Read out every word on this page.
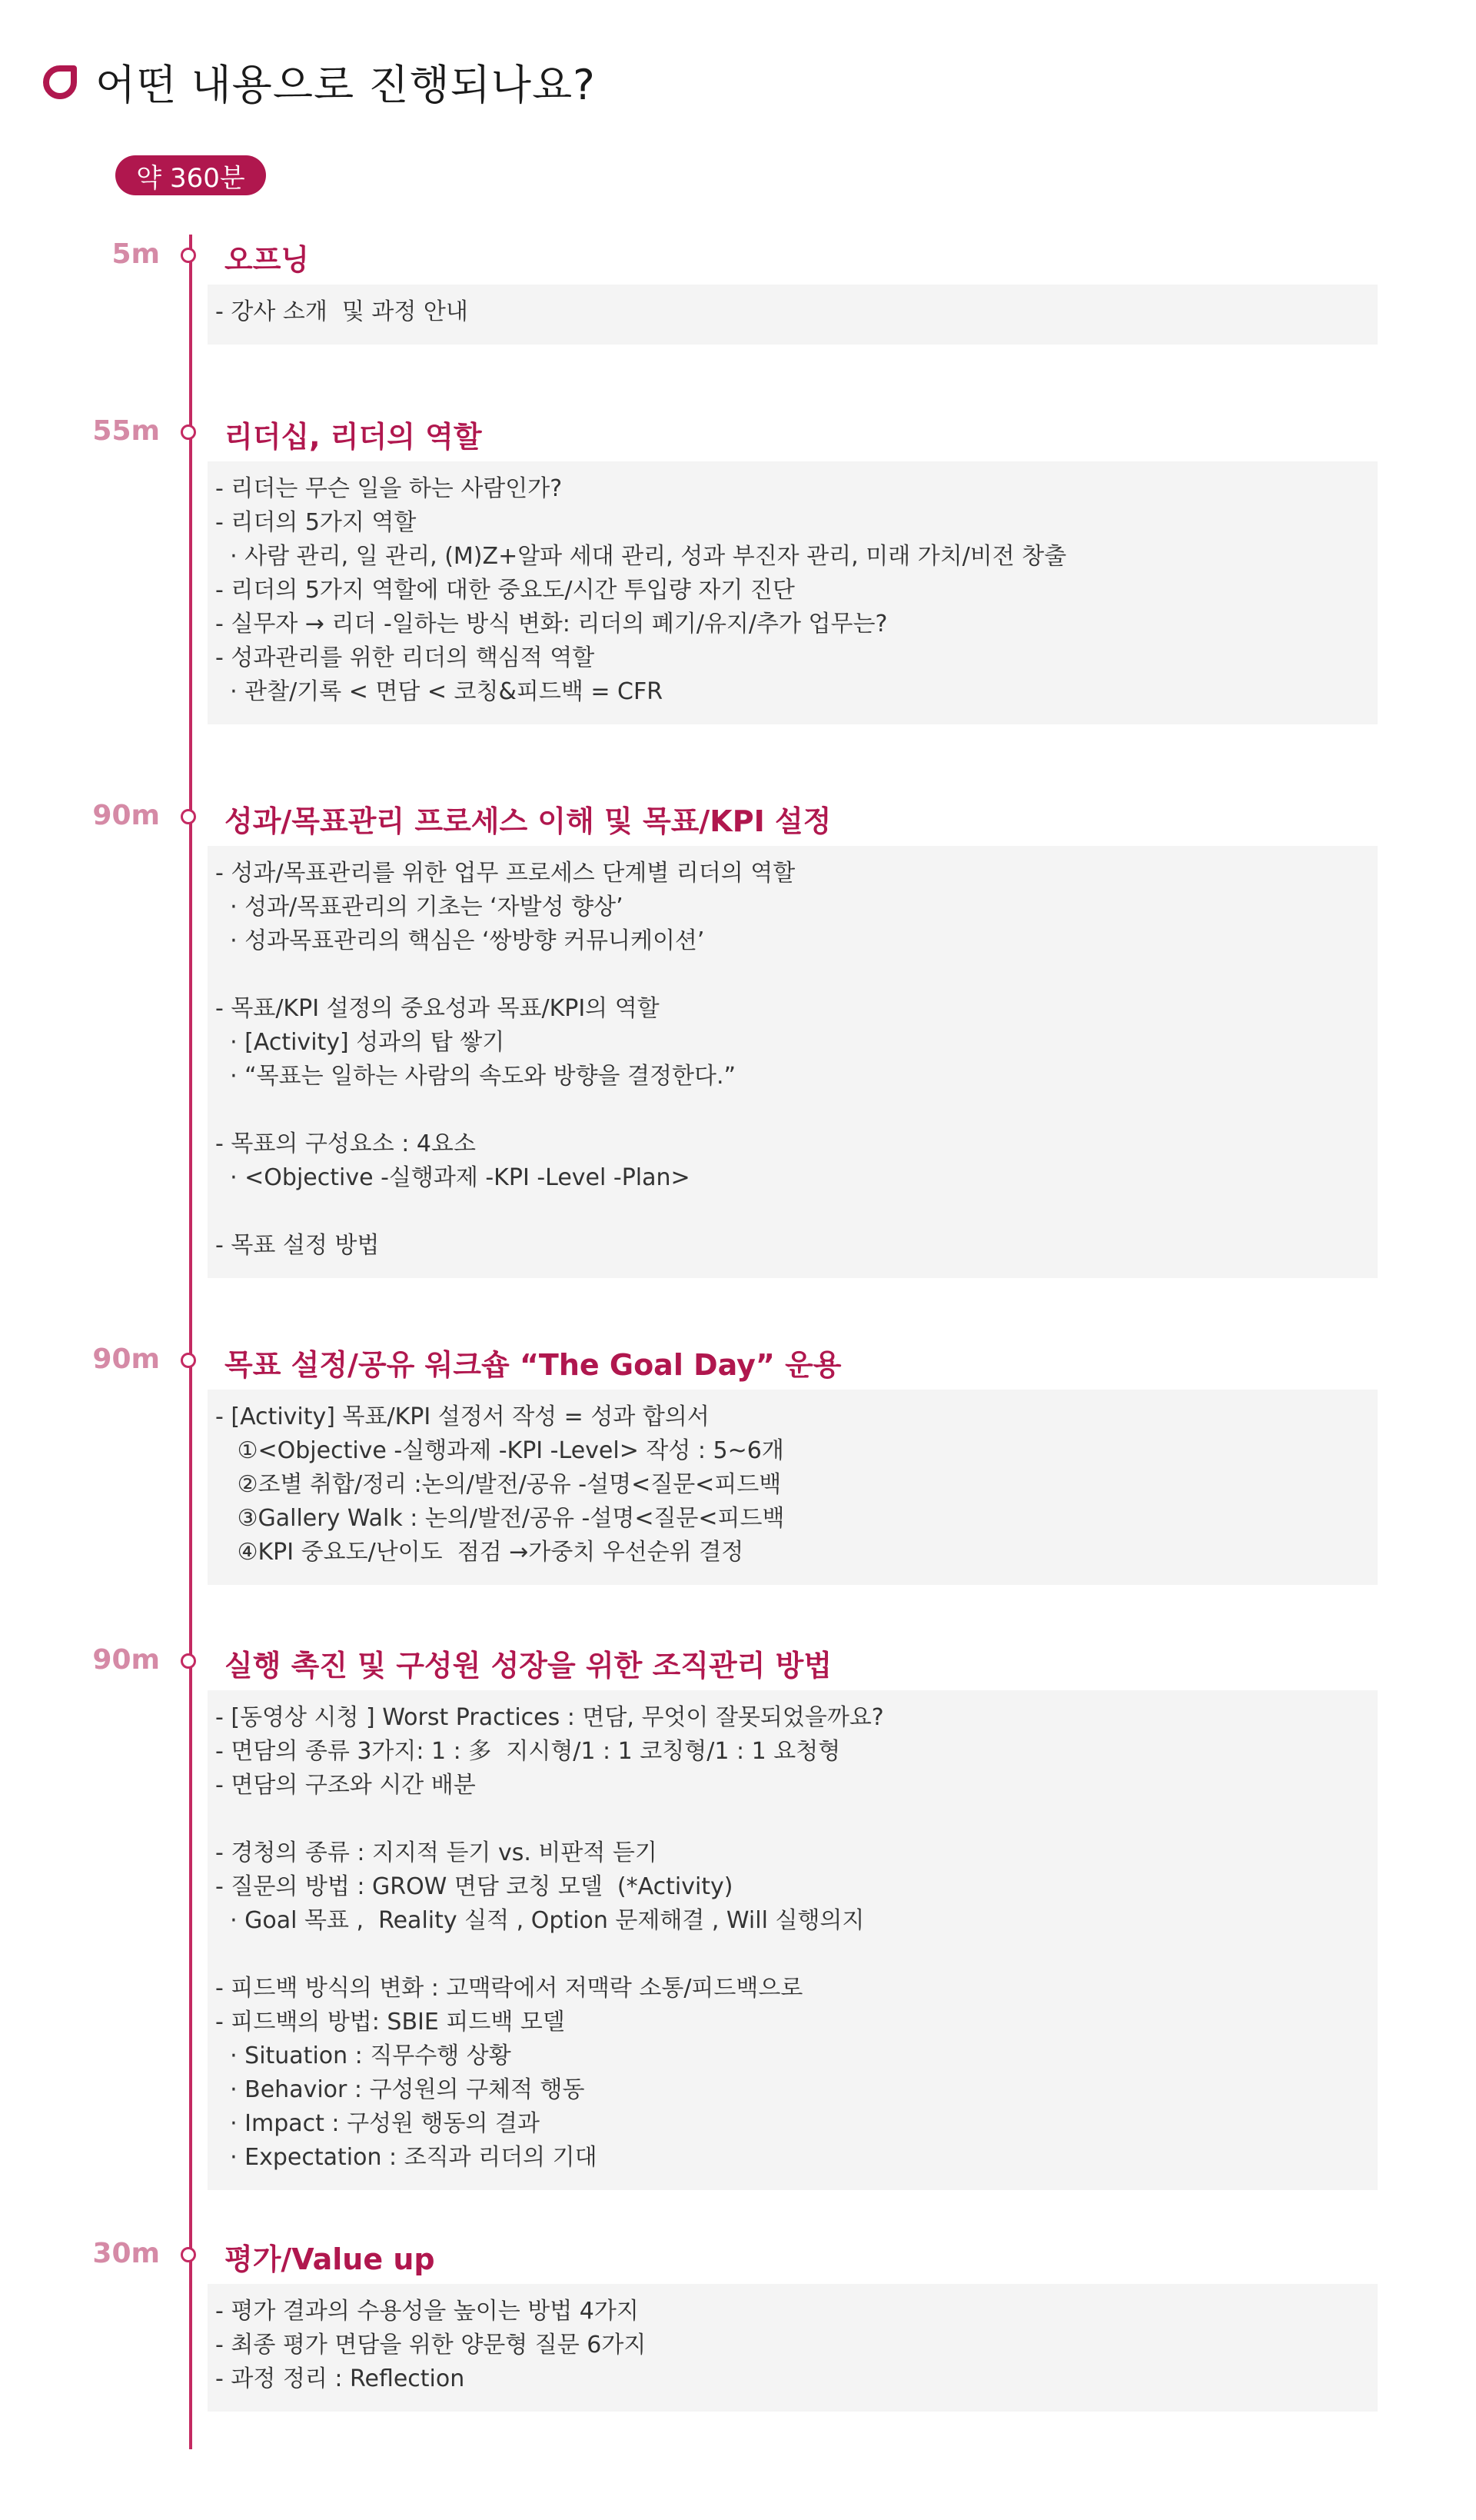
어떤 내용으로 진행되나요?
약 360분
5m 오프닝
- 강사 소개  및 과정 안내
55m 리더십, 리더의 역할
- 리더는 무슨 일을 하는 사람인가?
- 리더의 5가지 역할
· 사람 관리, 일 관리, (M)Z+알파 세대 관리, 성과 부진자 관리, 미래 가치/비전 창출
- 리더의 5가지 역할에 대한 중요도/시간 투입량 자기 진단
- 실무자 → 리더 -일하는 방식 변화: 리더의 폐기/유지/추가 업무는?
- 성과관리를 위한 리더의 핵심적 역할
· 관찰/기록 < 면담 < 코칭&피드백 = CFR
90m 성과/목표관리 프로세스 이해 및 목표/KPI 설정
- 성과/목표관리를 위한 업무 프로세스 단계별 리더의 역할
· 성과/목표관리의 기초는 ‘자발성 향상’
· 성과목표관리의 핵심은 ‘쌍방향 커뮤니케이션’
- 목표/KPI 설정의 중요성과 목표/KPI의 역할
· [Activity] 성과의 탑 쌓기
· “목표는 일하는 사람의 속도와 방향을 결정한다.”
- 목표의 구성요소 : 4요소
· <Objective -실행과제 -KPI -Level -Plan>
- 목표 설정 방법
90m 목표 설정/공유 워크숍 “The Goal Day” 운용
- [Activity] 목표/KPI 설정서 작성 = 성과 합의서
①<Objective -실행과제 -KPI -Level> 작성 : 5~6개
②조별 취합/정리 :논의/발전/공유 -설명<질문<피드백
③Gallery Walk : 논의/발전/공유 -설명<질문<피드백
④KPI 중요도/난이도  점검 →가중치 우선순위 결정
90m 실행 촉진 및 구성원 성장을 위한 조직관리 방법
- [동영상 시청 ] Worst Practices : 면담, 무엇이 잘못되었을까요?
- 면담의 종류 3가지: 1 : 多  지시형/1 : 1 코칭형/1 : 1 요청형
- 면담의 구조와 시간 배분
- 경청의 종류 : 지지적 듣기 vs. 비판적 듣기
- 질문의 방법 : GROW 면담 코칭 모델  (*Activity)
· Goal 목표 ,  Reality 실적 , Option 문제해결 , Will 실행의지
- 피드백 방식의 변화 : 고맥락에서 저맥락 소통/피드백으로
- 피드백의 방법: SBIE 피드백 모델
· Situation : 직무수행 상황
· Behavior : 구성원의 구체적 행동
· Impact : 구성원 행동의 결과
· Expectation : 조직과 리더의 기대
30m 평가/Value up
- 평가 결과의 수용성을 높이는 방법 4가지
- 최종 평가 면담을 위한 양문형 질문 6가지
- 과정 정리 : Reflection
